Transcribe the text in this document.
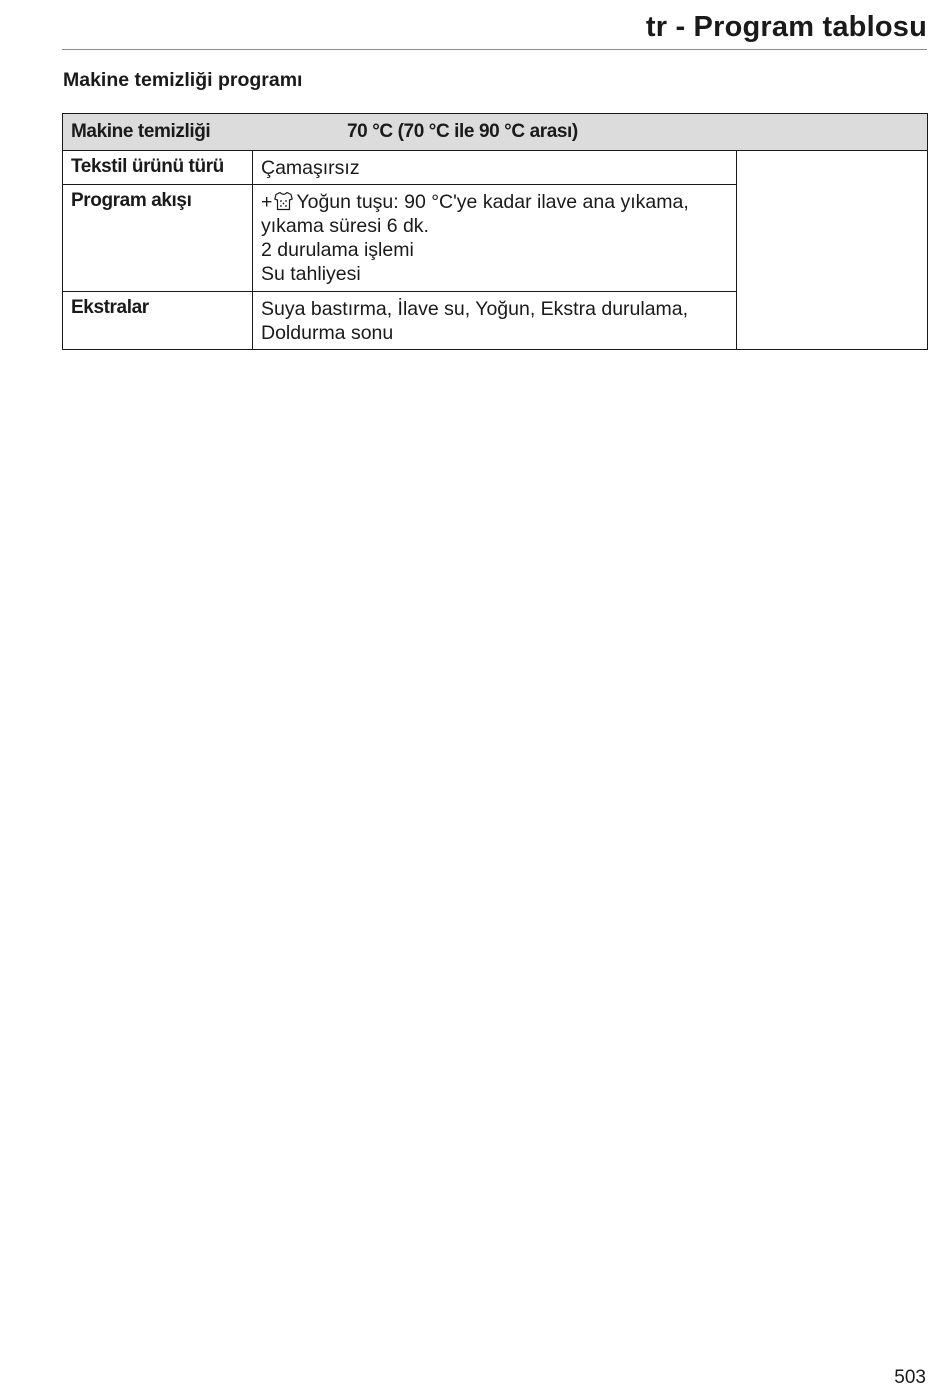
tr - Program tablosu
Makine temizliği programı
Makine temizliği 70 °C (70 °C ile 90 °C arası)		

Tekstil ürünü türü	Çamaşırsız	

Program akışı	+ Yoğun tuşu: 90 °C'ye kadar ilave ana yıkama,
yıkama süresi 6 dk.
2 durulama işlemi
Su tahliyesi	

Ekstralar	Suya bastırma, İlave su, Yoğun, Ekstra durulama,
Doldurma sonu	
503
